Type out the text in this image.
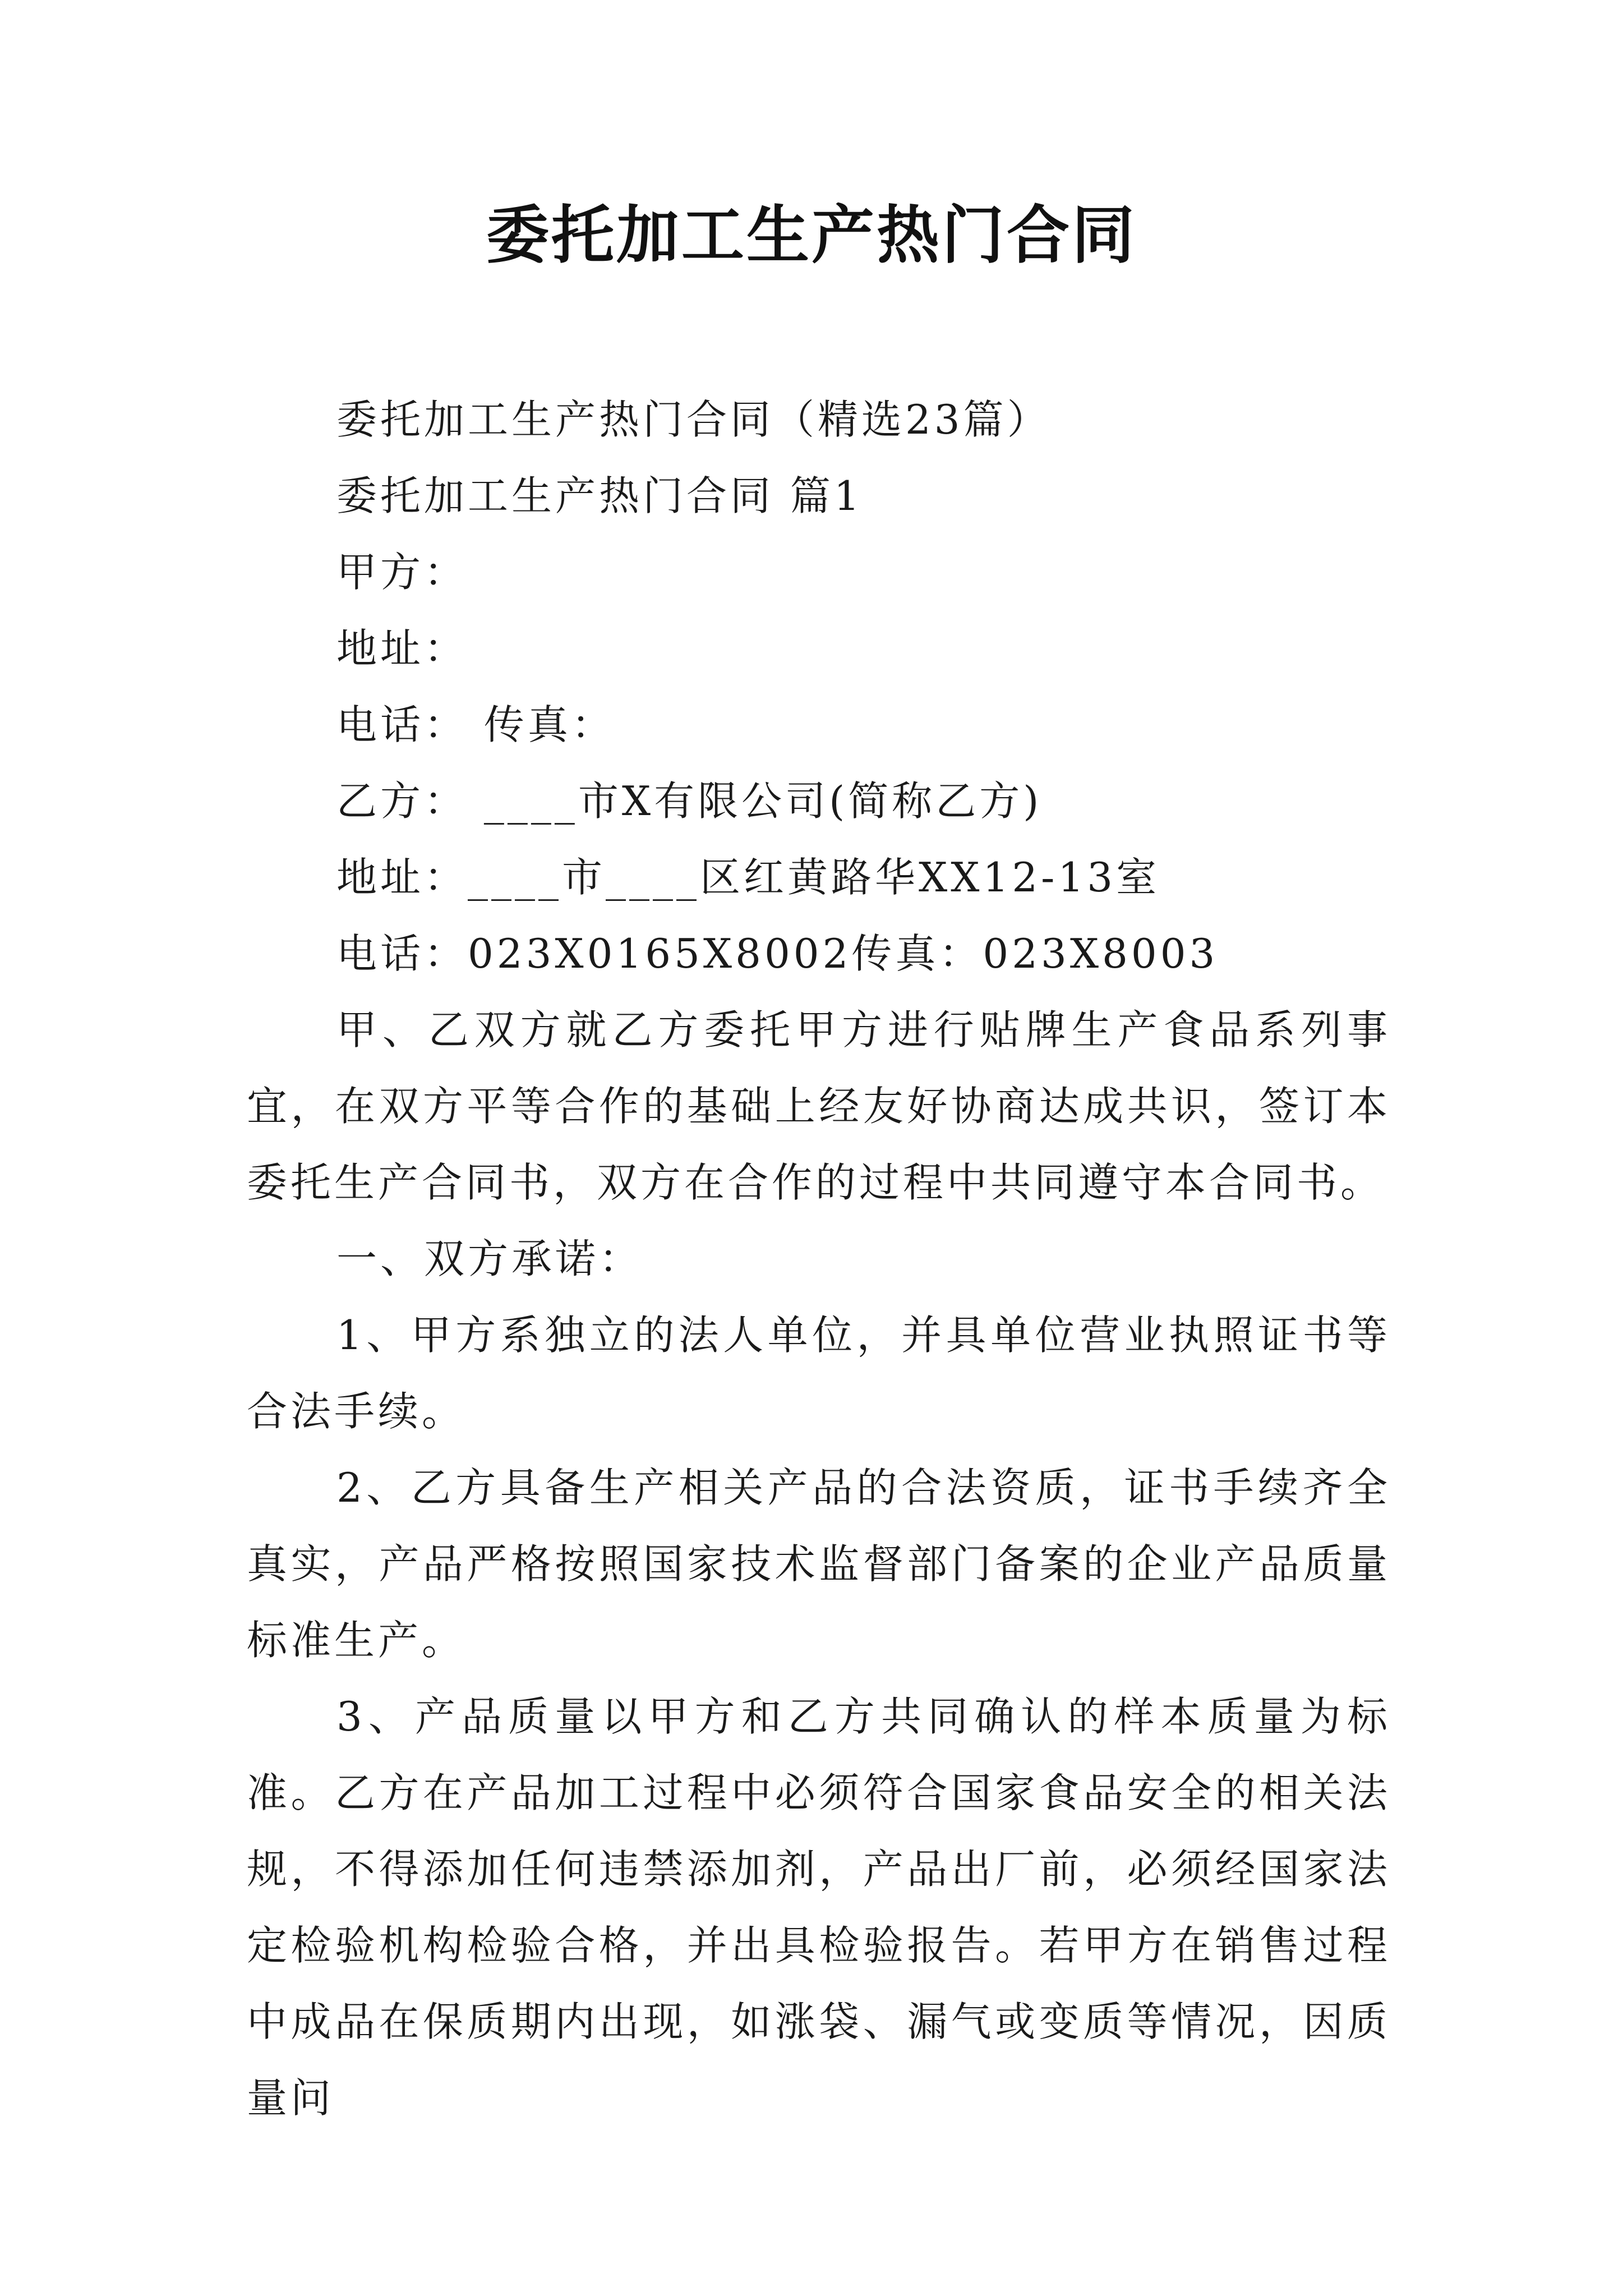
委托加工生产热门合同

委托加工生产热门合同（精选23篇）

委托加工生产热门合同 篇1

甲方：

地址：

电话： 传真：

乙方： ____市X有限公司(简称乙方)

地址：____市____区红黄路华XX12-13室

电话：023X0165X8002传真：023X8003

甲、乙双方就乙方委托甲方进行贴牌生产食品系列事宜，在双方平等合作的基础上经友好协商达成共识，签订本委托生产合同书，双方在合作的过程中共同遵守本合同书。

一、双方承诺：

1、甲方系独立的法人单位，并具单位营业执照证书等合法手续。

2、乙方具备生产相关产品的合法资质，证书手续齐全真实，产品严格按照国家技术监督部门备案的企业产品质量标准生产。

3、产品质量以甲方和乙方共同确认的样本质量为标准。乙方在产品加工过程中必须符合国家食品安全的相关法规，不得添加任何违禁添加剂，产品出厂前，必须经国家法定检验机构检验合格，并出具检验报告。若甲方在销售过程中成品在保质期内出现，如涨袋、漏气或变质等情况，因质量问
